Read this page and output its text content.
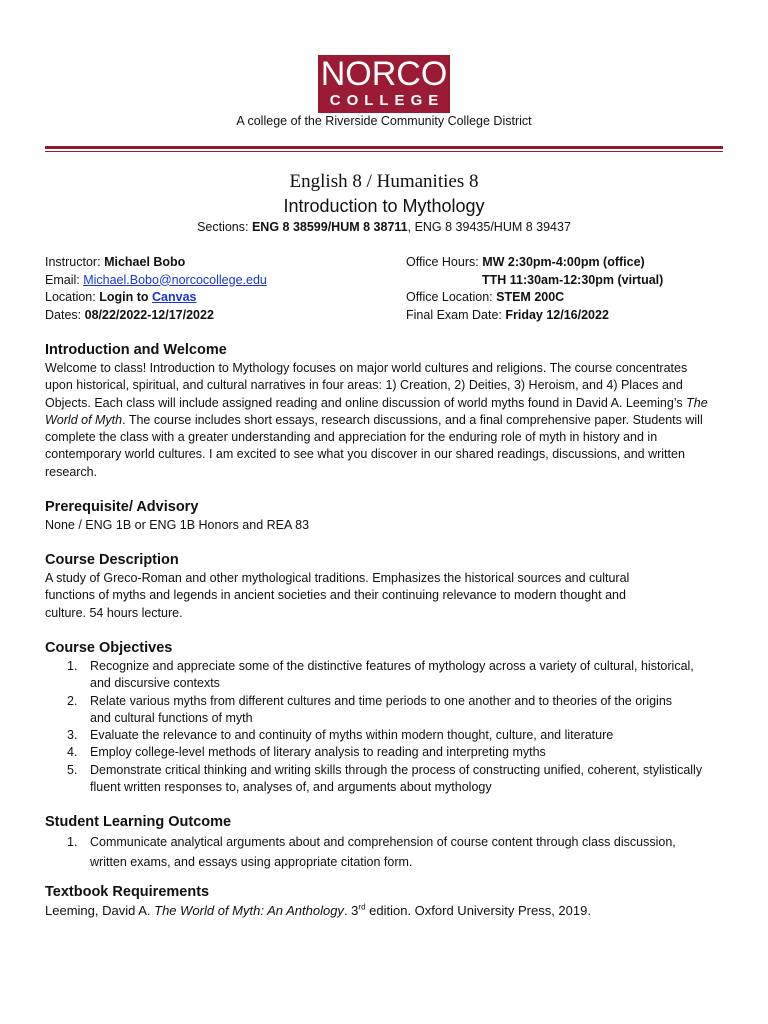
NORCO
COLLEGE
A college of the Riverside Community College District
English 8 / Humanities 8
Introduction to Mythology
Sections: ENG 8 38599/HUM 8 38711, ENG 8 39435/HUM 8 39437
Instructor: Michael Bobo
Email: Michael.Bobo@norcocollege.edu
Location: Login to Canvas
Dates: 08/22/2022-12/17/2022
Office Hours: MW 2:30pm-4:00pm (office)
TTH 11:30am-12:30pm (virtual)
Office Location: STEM 200C
Final Exam Date: Friday 12/16/2022
Introduction and Welcome

Welcome to class! Introduction to Mythology focuses on major world cultures and religions. The course concentrates
upon historical, spiritual, and cultural narratives in four areas: 1) Creation, 2) Deities, 3) Heroism, and 4) Places and
Objects. Each class will include assigned reading and online discussion of world myths found in David A. Leeming’s The
World of Myth. The course includes short essays, research discussions, and a final comprehensive paper. Students will
complete the class with a greater understanding and appreciation for the enduring role of myth in history and in
contemporary world cultures. I am excited to see what you discover in our shared readings, discussions, and written
research.

Prerequisite/ Advisory

None / ENG 1B or ENG 1B Honors and REA 83

Course Description

A study of Greco-Roman and other mythological traditions. Emphasizes the historical sources and cultural
functions of myths and legends in ancient societies and their continuing relevance to modern thought and
culture. 54 hours lecture.

Course Objectives
1. Recognize and appreciate some of the distinctive features of mythology across a variety of cultural, historical,
and discursive contexts
2. Relate various myths from different cultures and time periods to one another and to theories of the origins
and cultural functions of myth
3. Evaluate the relevance to and continuity of myths within modern thought, culture, and literature
4. Employ college-level methods of literary analysis to reading and interpreting myths
5. Demonstrate critical thinking and writing skills through the process of constructing unified, coherent, stylistically
fluent written responses to, analyses of, and arguments about mythology
Student Learning Outcome
1. Communicate analytical arguments about and comprehension of course content through class discussion,
written exams, and essays using appropriate citation form.
Textbook Requirements

Leeming, David A. The World of Myth: An Anthology. 3rd edition. Oxford University Press, 2019.
